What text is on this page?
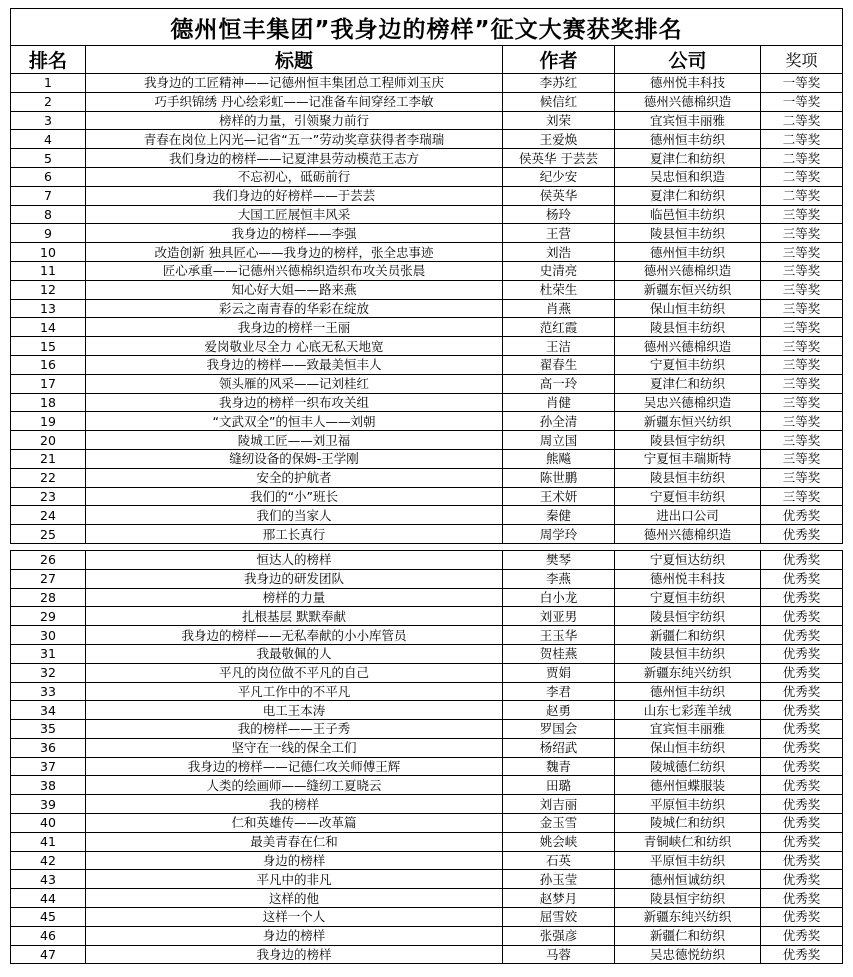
德州恒丰集团”我身边的榜样”征文大赛获奖排名				
排名	标题	作者	公司	奖项
1	我身边的工匠精神——记德州恒丰集团总工程师刘玉庆	李苏红	德州悦丰科技	一等奖
2	巧手织锦绣 丹心绘彩虹——记准备车间穿经工李敏	候信红	德州兴德棉织造	一等奖
3	榜样的力量，引领聚力前行	刘荣	宜宾恒丰丽雅	二等奖
4	青春在岗位上闪光—记省“五一”劳动奖章获得者李瑞瑞	王爱焕	德州恒丰纺织	二等奖
5	我们身边的榜样——记夏津县劳动模范王志方	侯英华 于芸芸	夏津仁和纺织	二等奖
6	不忘初心，砥砺前行	纪少安	吴忠恒和织造	二等奖
7	我们身边的好榜样——于芸芸	侯英华	夏津仁和纺织	二等奖
8	大国工匠展恒丰风采	杨玲	临邑恒丰纺织	三等奖
9	我身边的榜样——李强	王营	陵县恒丰纺织	三等奖
10	改造创新 独具匠心——我身边的榜样，张全忠事迹	刘浩	德州恒丰纺织	三等奖
11	匠心承重——记德州兴德棉织造织布攻关员张晨	史清亮	德州兴德棉织造	三等奖
12	知心好大姐——路来燕	杜荣生	新疆东恒兴纺织	三等奖
13	彩云之南青春的华彩在绽放	肖燕	保山恒丰纺织	三等奖
14	我身边的榜样一王丽	范红霞	陵县恒丰纺织	三等奖
15	爱岗敬业尽全力 心底无私天地宽	王洁	德州兴德棉织造	三等奖
16	我身边的榜样——致最美恒丰人	翟春生	宁夏恒丰纺织	三等奖
17	领头雁的风采——记刘桂红	高一玲	夏津仁和纺织	三等奖
18	我身边的榜样一织布攻关组	肖健	吴忠兴德棉织造	三等奖
19	“文武双全”的恒丰人——刘朝	孙全清	新疆东恒兴纺织	三等奖
20	陵城工匠——刘卫福	周立国	陵县恒宇纺织	三等奖
21	缝纫设备的保姆-王学刚	熊飚	宁夏恒丰瑞斯特	三等奖
22	安全的护航者	陈世鹏	陵县恒丰纺织	三等奖
23	我们的“小”班长	王术妍	宁夏恒丰纺织	三等奖
24	我们的当家人	秦健	进出口公司	优秀奖
25	邢工长真行	周学玲	德州兴德棉织造	优秀奖

26	恒达人的榜样	樊琴	宁夏恒达纺织	优秀奖
27	我身边的研发团队	李燕	德州悦丰科技	优秀奖
28	榜样的力量	白小龙	宁夏恒丰纺织	优秀奖
29	扎根基层 默默奉献	刘亚男	陵县恒宇纺织	优秀奖
30	我身边的榜样——无私奉献的小小库管员	王玉华	新疆仁和纺织	优秀奖
31	我最敬佩的人	贺桂燕	陵县恒丰纺织	优秀奖
32	平凡的岗位做不平凡的自己	贾娟	新疆东纯兴纺织	优秀奖
33	平凡工作中的不平凡	李君	德州恒丰纺织	优秀奖
34	电工王本涛	赵勇	山东七彩莲羊绒	优秀奖
35	我的榜样——王子秀	罗国会	宜宾恒丰丽雅	优秀奖
36	坚守在一线的保全工们	杨绍武	保山恒丰纺织	优秀奖
37	我身边的榜样——记德仁攻关师傅王辉	魏青	陵城德仁纺织	优秀奖
38	人类的绘画师——缝纫工夏晓云	田璐	德州恒蝶服装	优秀奖
39	我的榜样	刘吉丽	平原恒丰纺织	优秀奖
40	仁和英雄传——改革篇	金玉雪	陵城仁和纺织	优秀奖
41	最美青春在仁和	姚会峡	青铜峡仁和纺织	优秀奖
42	身边的榜样	石英	平原恒丰纺织	优秀奖
43	平凡中的非凡	孙玉莹	德州恒诚纺织	优秀奖
44	这样的他	赵梦月	陵县恒宇纺织	优秀奖
45	这样一个人	屈雪姣	新疆东纯兴纺织	优秀奖
46	身边的榜样	张强彦	新疆仁和纺织	优秀奖
47	我身边的榜样	马蓉	吴忠德悦纺织	优秀奖
